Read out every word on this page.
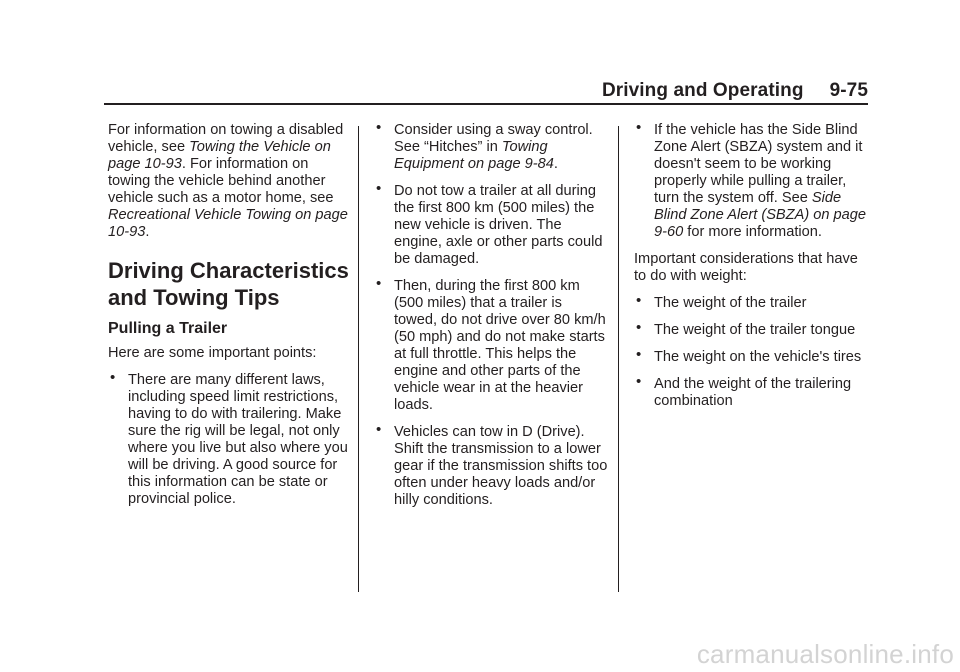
Driving and Operating 9-75

For information on towing a disabled vehicle, see Towing the Vehicle on page 10-93. For information on towing the vehicle behind another vehicle such as a motor home, see Recreational Vehicle Towing on page 10-93.

Driving Characteristics and Towing Tips
Pulling a Trailer

Here are some important points:

• There are many different laws, including speed limit restrictions, having to do with trailering. Make sure the rig will be legal, not only where you live but also where you will be driving. A good source for this information can be state or provincial police.
• Consider using a sway control. See “Hitches” in Towing Equipment on page 9-84.
• Do not tow a trailer at all during the first 800 km (500 miles) the new vehicle is driven. The engine, axle or other parts could be damaged.
• Then, during the first 800 km (500 miles) that a trailer is towed, do not drive over 80 km/h (50 mph) and do not make starts at full throttle. This helps the engine and other parts of the vehicle wear in at the heavier loads.
• Vehicles can tow in D (Drive). Shift the transmission to a lower gear if the transmission shifts too often under heavy loads and/or hilly conditions.
• If the vehicle has the Side Blind Zone Alert (SBZA) system and it doesn't seem to be working properly while pulling a trailer, turn the system off. See Side Blind Zone Alert (SBZA) on page 9-60 for more information.

Important considerations that have to do with weight:

• The weight of the trailer
• The weight of the trailer tongue
• The weight on the vehicle's tires
• And the weight of the trailering combination
carmanualsonline.info
